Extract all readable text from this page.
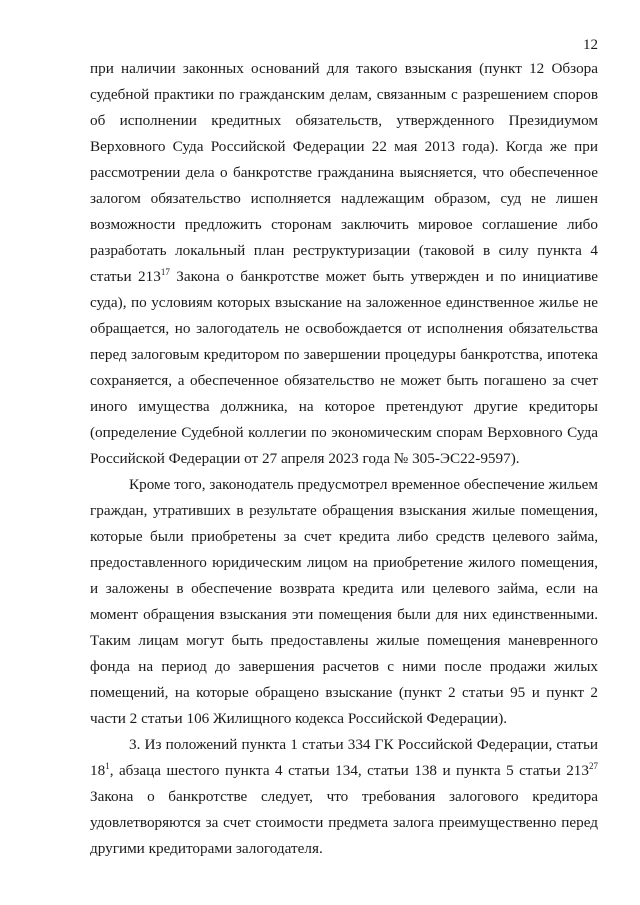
12

при наличии законных оснований для такого взыскания (пункт 12 Обзора судебной практики по гражданским делам, связанным с разрешением споров об исполнении кредитных обязательств, утвержденного Президиумом Верховного Суда Российской Федерации 22 мая 2013 года). Когда же при рассмотрении дела о банкротстве гражданина выясняется, что обеспеченное залогом обязательство исполняется надлежащим образом, суд не лишен возможности предложить сторонам заключить мировое соглашение либо разработать локальный план реструктуризации (таковой в силу пункта 4 статьи $213^{17}$ Закона о банкротстве может быть утвержден и по инициативе суда), по условиям которых взыскание на заложенное единственное жилье не обращается, но залогодатель не освобождается от исполнения обязательства перед залоговым кредитором по завершении процедуры банкротства, ипотека сохраняется, а обеспеченное обязательство не может быть погашено за счет иного имущества должника, на которое претендуют другие кредиторы (определение Судебной коллегии по экономическим спорам Верховного Суда Российской Федерации от 27 апреля 2023 года № 305-ЭС22-9597).

Кроме того, законодатель предусмотрел временное обеспечение жильем граждан, утративших в результате обращения взыскания жилые помещения, которые были приобретены за счет кредита либо средств целевого займа, предоставленного юридическим лицом на приобретение жилого помещения, и заложены в обеспечение возврата кредита или целевого займа, если на момент обращения взыскания эти помещения были для них единственными. Таким лицам могут быть предоставлены жилые помещения маневренного фонда на период до завершения расчетов с ними после продажи жилых помещений, на которые обращено взыскание (пункт 2 статьи 95 и пункт 2 части 2 статьи 106 Жилищного кодекса Российской Федерации).

3. Из положений пункта 1 статьи 334 ГК Российской Федерации, статьи $18^1$, абзаца шестого пункта 4 статьи 134, статьи 138 и пункта 5 статьи $213^{27}$ Закона о банкротстве следует, что требования залогового кредитора удовлетворяются за счет стоимости предмета залога преимущественно перед другими кредиторами залогодателя.
